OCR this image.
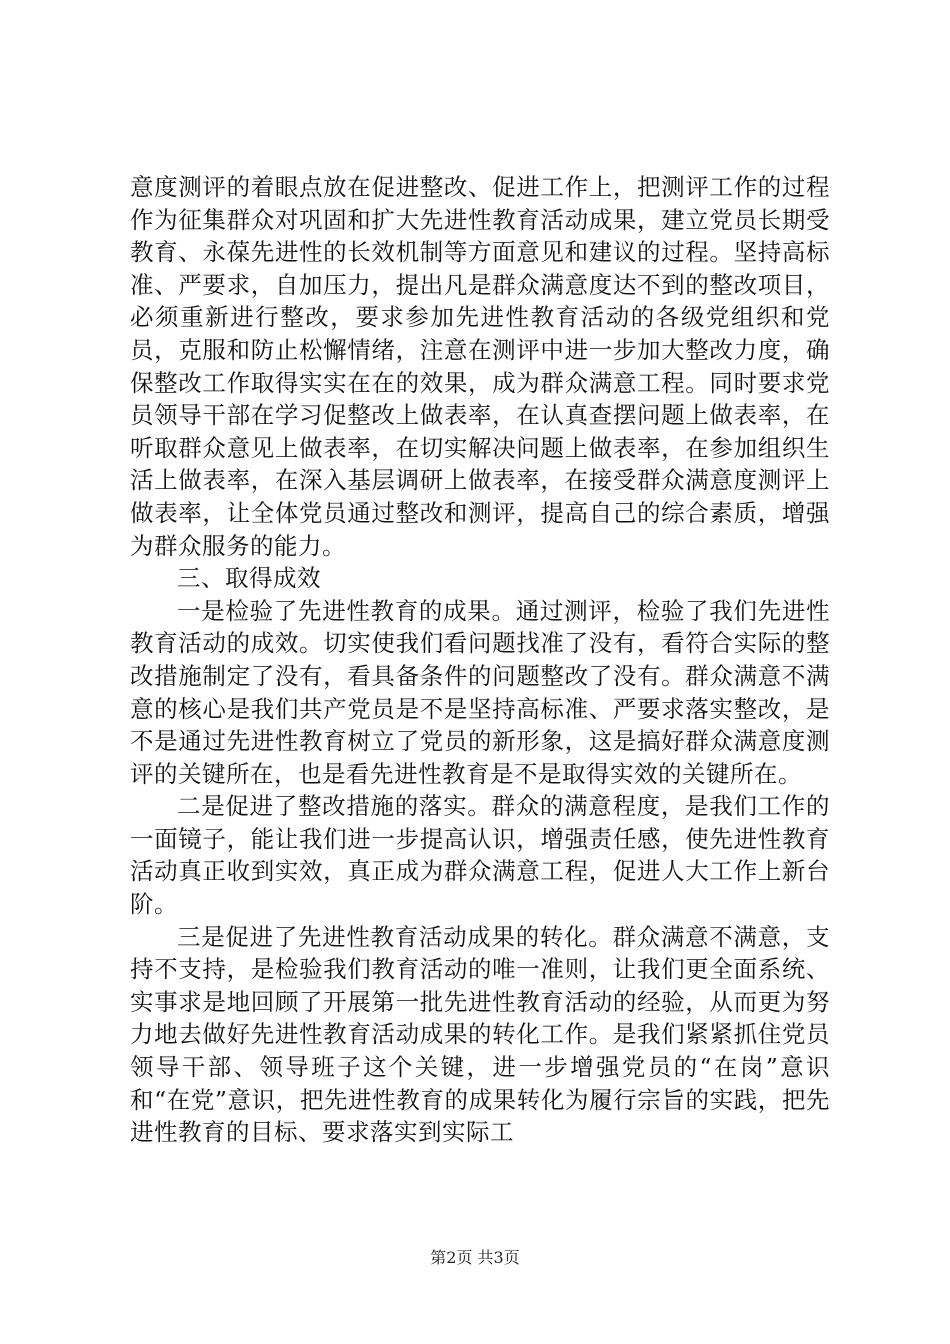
意度测评的着眼点放在促进整改、促进工作上，把测评工作的过程作为征集群众对巩固和扩大先进性教育活动成果，建立党员长期受教育、永葆先进性的长效机制等方面意见和建议的过程。坚持高标准、严要求，自加压力，提出凡是群众满意度达不到的整改项目，必须重新进行整改，要求参加先进性教育活动的各级党组织和党员，克服和防止松懈情绪，注意在测评中进一步加大整改力度，确保整改工作取得实实在在的效果，成为群众满意工程。同时要求党员领导干部在学习促整改上做表率，在认真查摆问题上做表率，在听取群众意见上做表率，在切实解决问题上做表率，在参加组织生活上做表率，在深入基层调研上做表率，在接受群众满意度测评上做表率，让全体党员通过整改和测评，提高自己的综合素质，增强为群众服务的能力。

三、取得成效

一是检验了先进性教育的成果。通过测评，检验了我们先进性教育活动的成效。切实使我们看问题找准了没有，看符合实际的整改措施制定了没有，看具备条件的问题整改了没有。群众满意不满意的核心是我们共产党员是不是坚持高标准、严要求落实整改，是不是通过先进性教育树立了党员的新形象，这是搞好群众满意度测评的关键所在，也是看先进性教育是不是取得实效的关键所在。

二是促进了整改措施的落实。群众的满意程度，是我们工作的一面镜子，能让我们进一步提高认识，增强责任感，使先进性教育活动真正收到实效，真正成为群众满意工程，促进人大工作上新台阶。

三是促进了先进性教育活动成果的转化。群众满意不满意，支持不支持，是检验我们教育活动的唯一准则，让我们更全面系统、实事求是地回顾了开展第一批先进性教育活动的经验，从而更为努力地去做好先进性教育活动成果的转化工作。是我们紧紧抓住党员领导干部、领导班子这个关键，进一步增强党员的“在岗”意识和“在党”意识，把先进性教育的成果转化为履行宗旨的实践，把先进性教育的目标、要求落实到实际工

第2页 共3页
